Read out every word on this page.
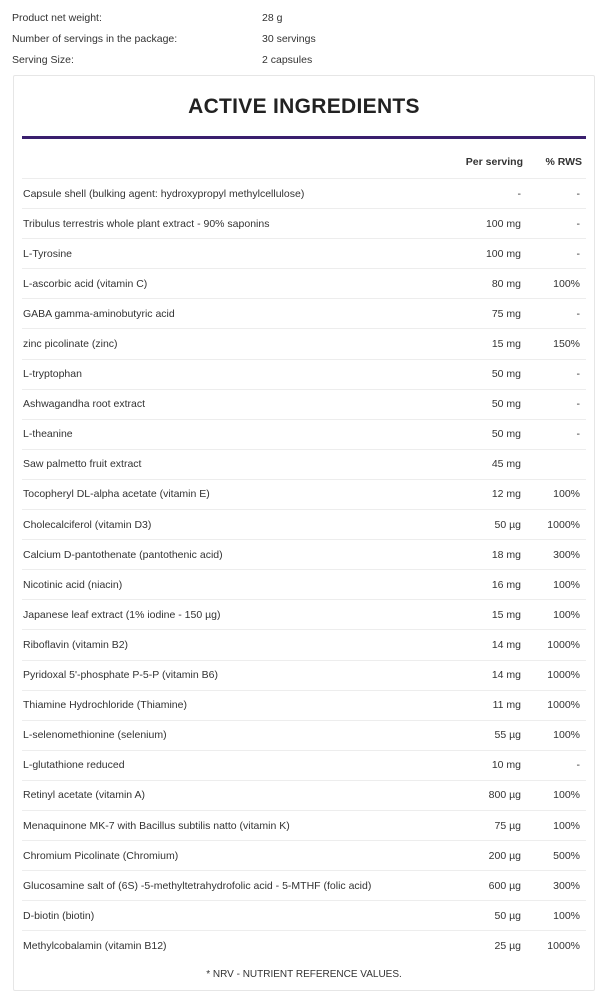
Product net weight:	28 g
Number of servings in the package:	30 servings
Serving Size:	2 capsules
ACTIVE INGREDIENTS
Per serving	% RWS
Capsule shell (bulking agent: hydroxypropyl methylcellulose)	-	-
Tribulus terrestris whole plant extract - 90% saponins	100 mg	-
L-Tyrosine	100 mg	-
L-ascorbic acid (vitamin C)	80 mg	100%
GABA gamma-aminobutyric acid	75 mg	-
zinc picolinate (zinc)	15 mg	150%
L-tryptophan	50 mg	-
Ashwagandha root extract	50 mg	-
L-theanine	50 mg	-
Saw palmetto fruit extract	45 mg
Tocopheryl DL-alpha acetate (vitamin E)	12 mg	100%
Cholecalciferol (vitamin D3)	50 µg	1000%
Calcium D-pantothenate (pantothenic acid)	18 mg	300%
Nicotinic acid (niacin)	16 mg	100%
Japanese leaf extract (1% iodine - 150 µg)	15 mg	100%
Riboflavin (vitamin B2)	14 mg	1000%
Pyridoxal 5'-phosphate P-5-P (vitamin B6)	14 mg	1000%
Thiamine Hydrochloride (Thiamine)	11 mg	1000%
L-selenomethionine (selenium)	55 µg	100%
L-glutathione reduced	10 mg	-
Retinyl acetate (vitamin A)	800 µg	100%
Menaquinone MK-7 with Bacillus subtilis natto (vitamin K)	75 µg	100%
Chromium Picolinate (Chromium)	200 µg	500%
Glucosamine salt of (6S) -5-methyltetrahydrofolic acid - 5-MTHF (folic acid)	600 µg	300%
D-biotin (biotin)	50 µg	100%
Methylcobalamin (vitamin B12)	25 µg	1000%
* NRV - NUTRIENT REFERENCE VALUES.
